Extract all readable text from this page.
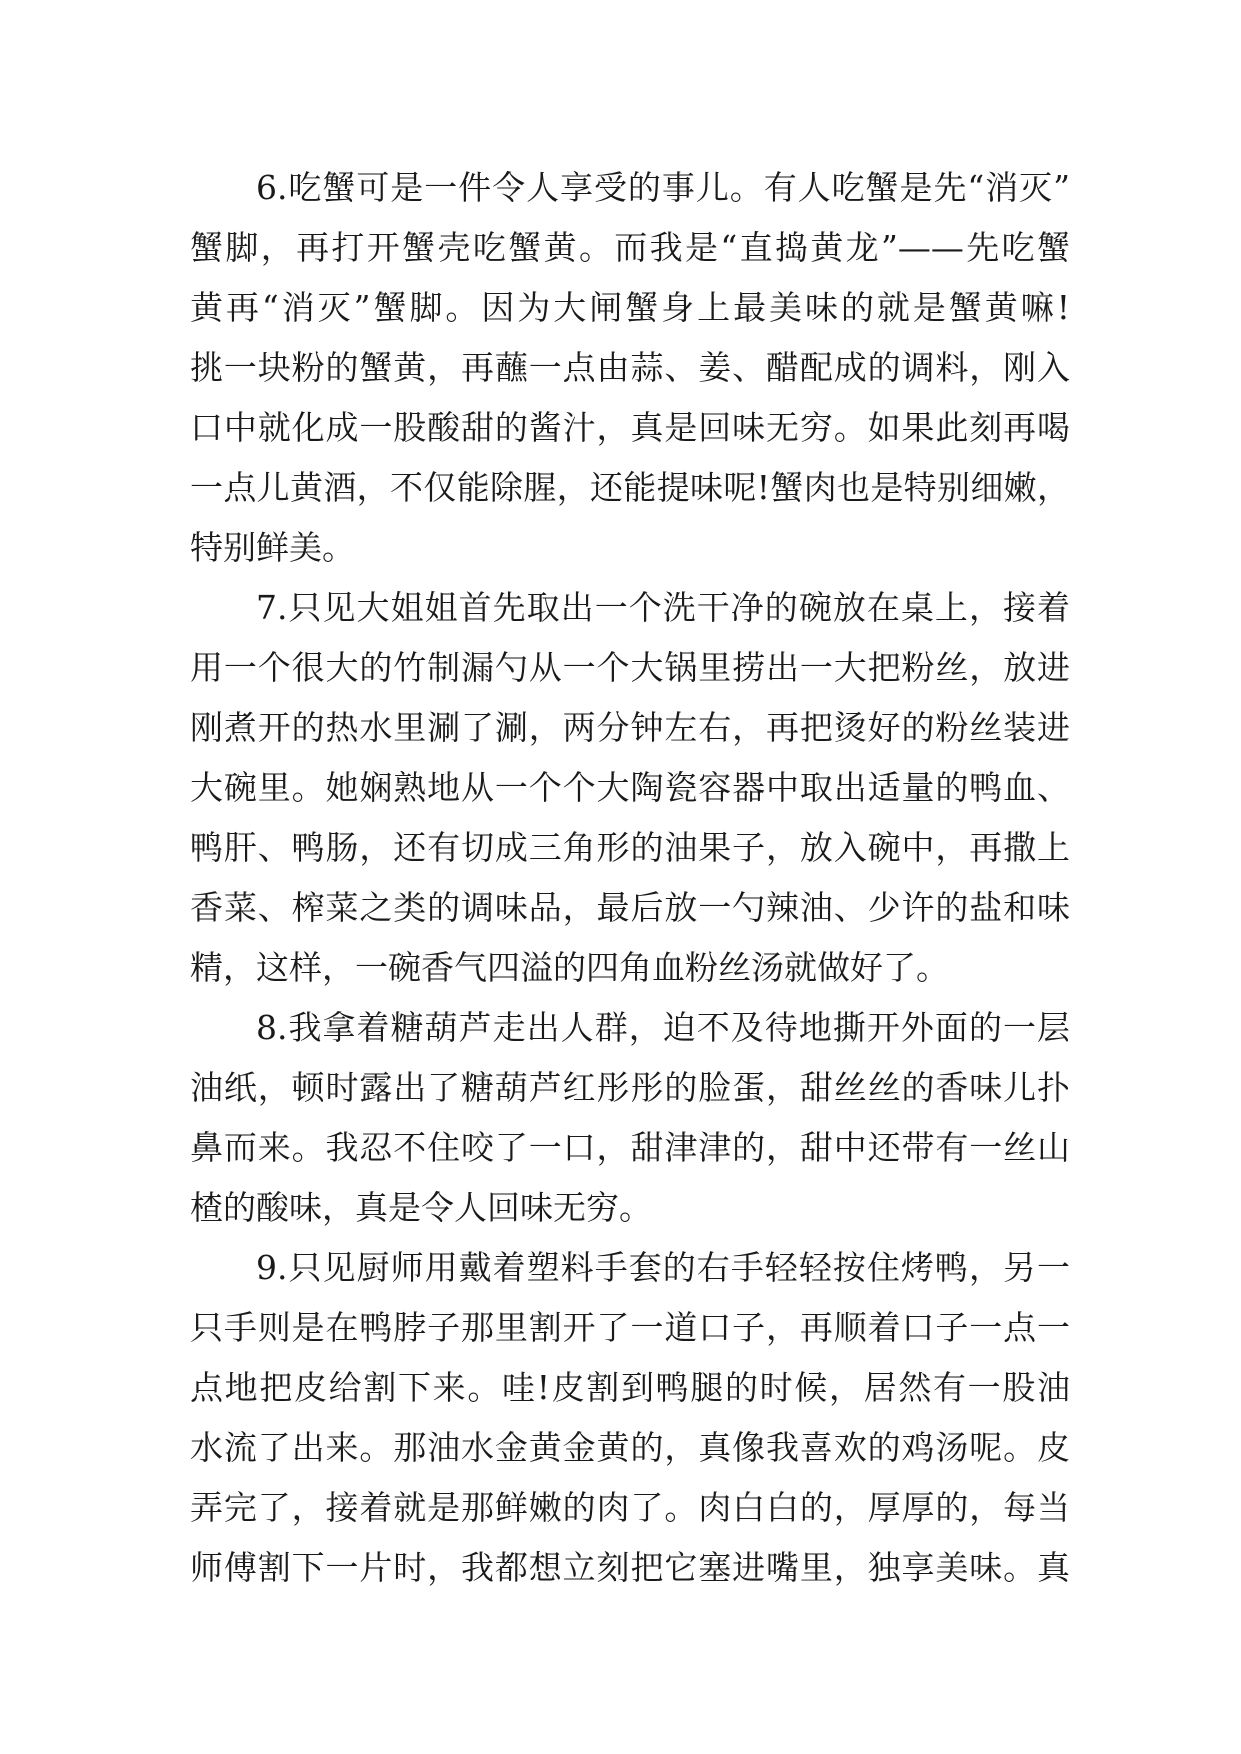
6.吃蟹可是一件令人享受的事儿。有人吃蟹是先“消灭”
蟹脚，再打开蟹壳吃蟹黄。而我是“直捣黄龙”——先吃蟹
黄再“消灭”蟹脚。因为大闸蟹身上最美味的就是蟹黄嘛!
挑一块粉的蟹黄，再蘸一点由蒜、姜、醋配成的调料，刚入
口中就化成一股酸甜的酱汁，真是回味无穷。如果此刻再喝
一点儿黄酒，不仅能除腥，还能提味呢!蟹肉也是特别细嫩，
特别鲜美。
7.只见大姐姐首先取出一个洗干净的碗放在桌上，接着
用一个很大的竹制漏勺从一个大锅里捞出一大把粉丝，放进
刚煮开的热水里涮了涮，两分钟左右，再把烫好的粉丝装进
大碗里。她娴熟地从一个个大陶瓷容器中取出适量的鸭血、
鸭肝、鸭肠，还有切成三角形的油果子，放入碗中，再撒上
香菜、榨菜之类的调味品，最后放一勺辣油、少许的盐和味
精，这样，一碗香气四溢的四角血粉丝汤就做好了。
8.我拿着糖葫芦走出人群，迫不及待地撕开外面的一层
油纸，顿时露出了糖葫芦红彤彤的脸蛋，甜丝丝的香味儿扑
鼻而来。我忍不住咬了一口，甜津津的，甜中还带有一丝山
楂的酸味，真是令人回味无穷。
9.只见厨师用戴着塑料手套的右手轻轻按住烤鸭，另一
只手则是在鸭脖子那里割开了一道口子，再顺着口子一点一
点地把皮给割下来。哇!皮割到鸭腿的时候，居然有一股油
水流了出来。那油水金黄金黄的，真像我喜欢的鸡汤呢。皮
弄完了，接着就是那鲜嫩的肉了。肉白白的，厚厚的，每当
师傅割下一片时，我都想立刻把它塞进嘴里，独享美味。真
